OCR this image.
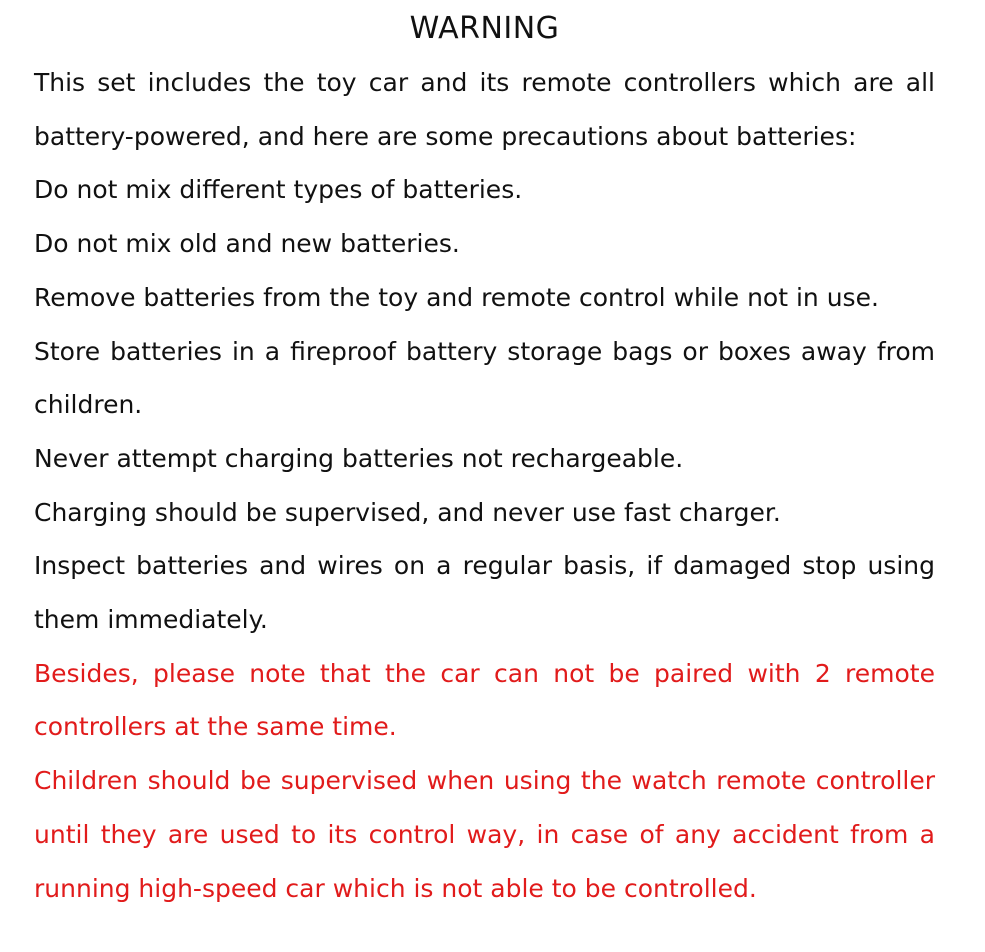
WARNING

This set includes the toy car and its remote controllers which are all battery-powered, and here are some precautions about batteries:

Do not mix different types of batteries.

Do not mix old and new batteries.

Remove batteries from the toy and remote control while not in use.

Store batteries in a fireproof battery storage bags or boxes away from children.

Never attempt charging batteries not rechargeable.

Charging should be supervised, and never use fast charger.

Inspect batteries and wires on a regular basis, if damaged stop using them immediately.

Besides, please note that the car can not be paired with 2 remote controllers at the same time.

Children should be supervised when using the watch remote controller until they are used to its control way, in case of any accident from a running high-speed car which is not able to be controlled.
